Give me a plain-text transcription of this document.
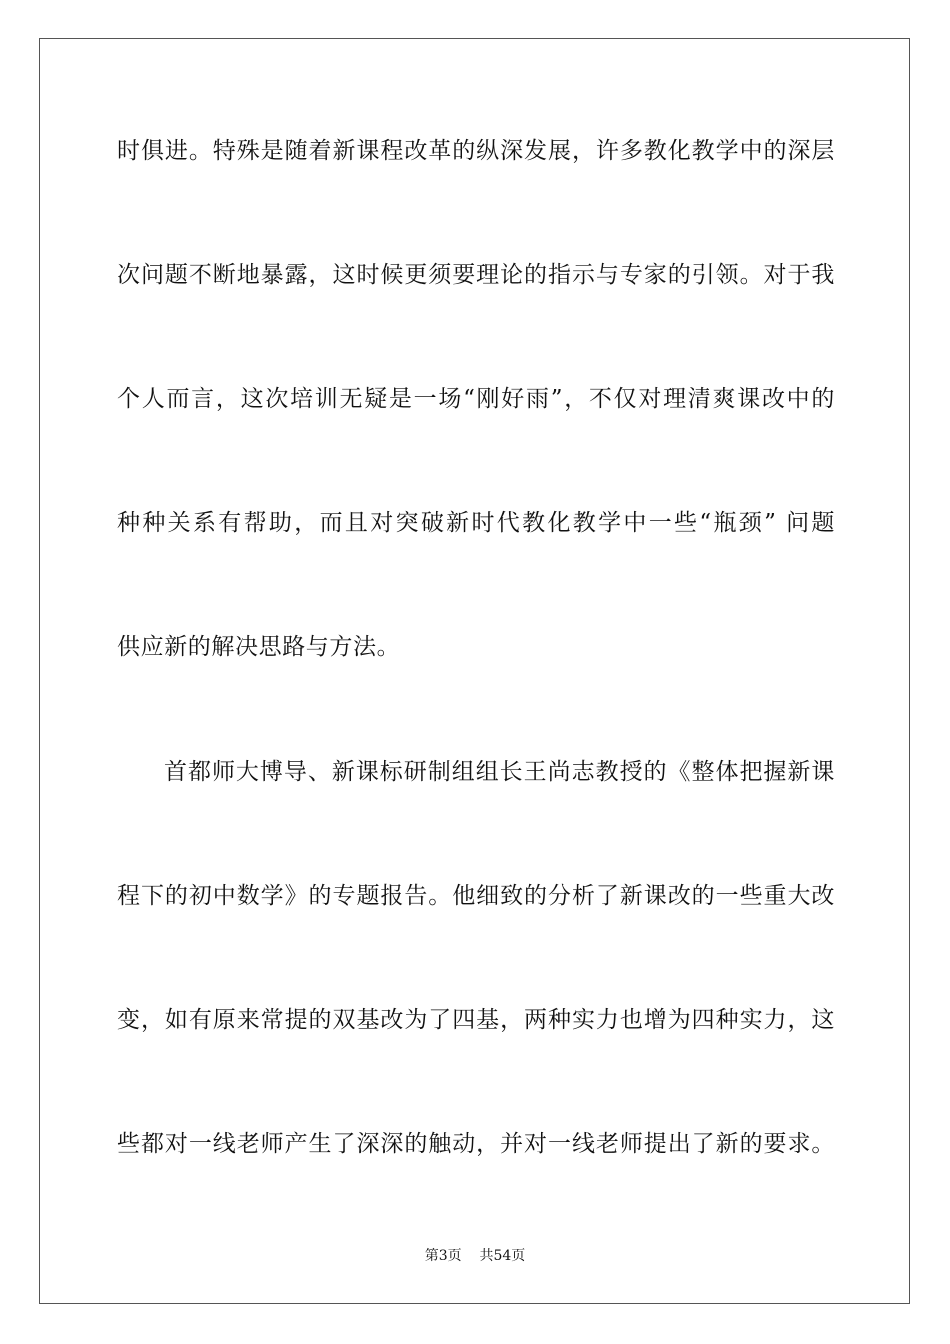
时俱进。特殊是随着新课程改革的纵深发展，许多教化教学中的深层
次问题不断地暴露，这时候更须要理论的指示与专家的引领。对于我
个人而言，这次培训无疑是一场“刚好雨”，不仅对理清爽课改中的
种种关系有帮助，而且对突破新时代教化教学中一些“瓶颈” 问题
供应新的解决思路与方法。
首都师大博导、新课标研制组组长王尚志教授的《整体把握新课
程下的初中数学》的专题报告。他细致的分析了新课改的一些重大改
变，如有原来常提的双基改为了四基，两种实力也增为四种实力，这
些都对一线老师产生了深深的触动，并对一线老师提出了新的要求。
第3页    共54页
